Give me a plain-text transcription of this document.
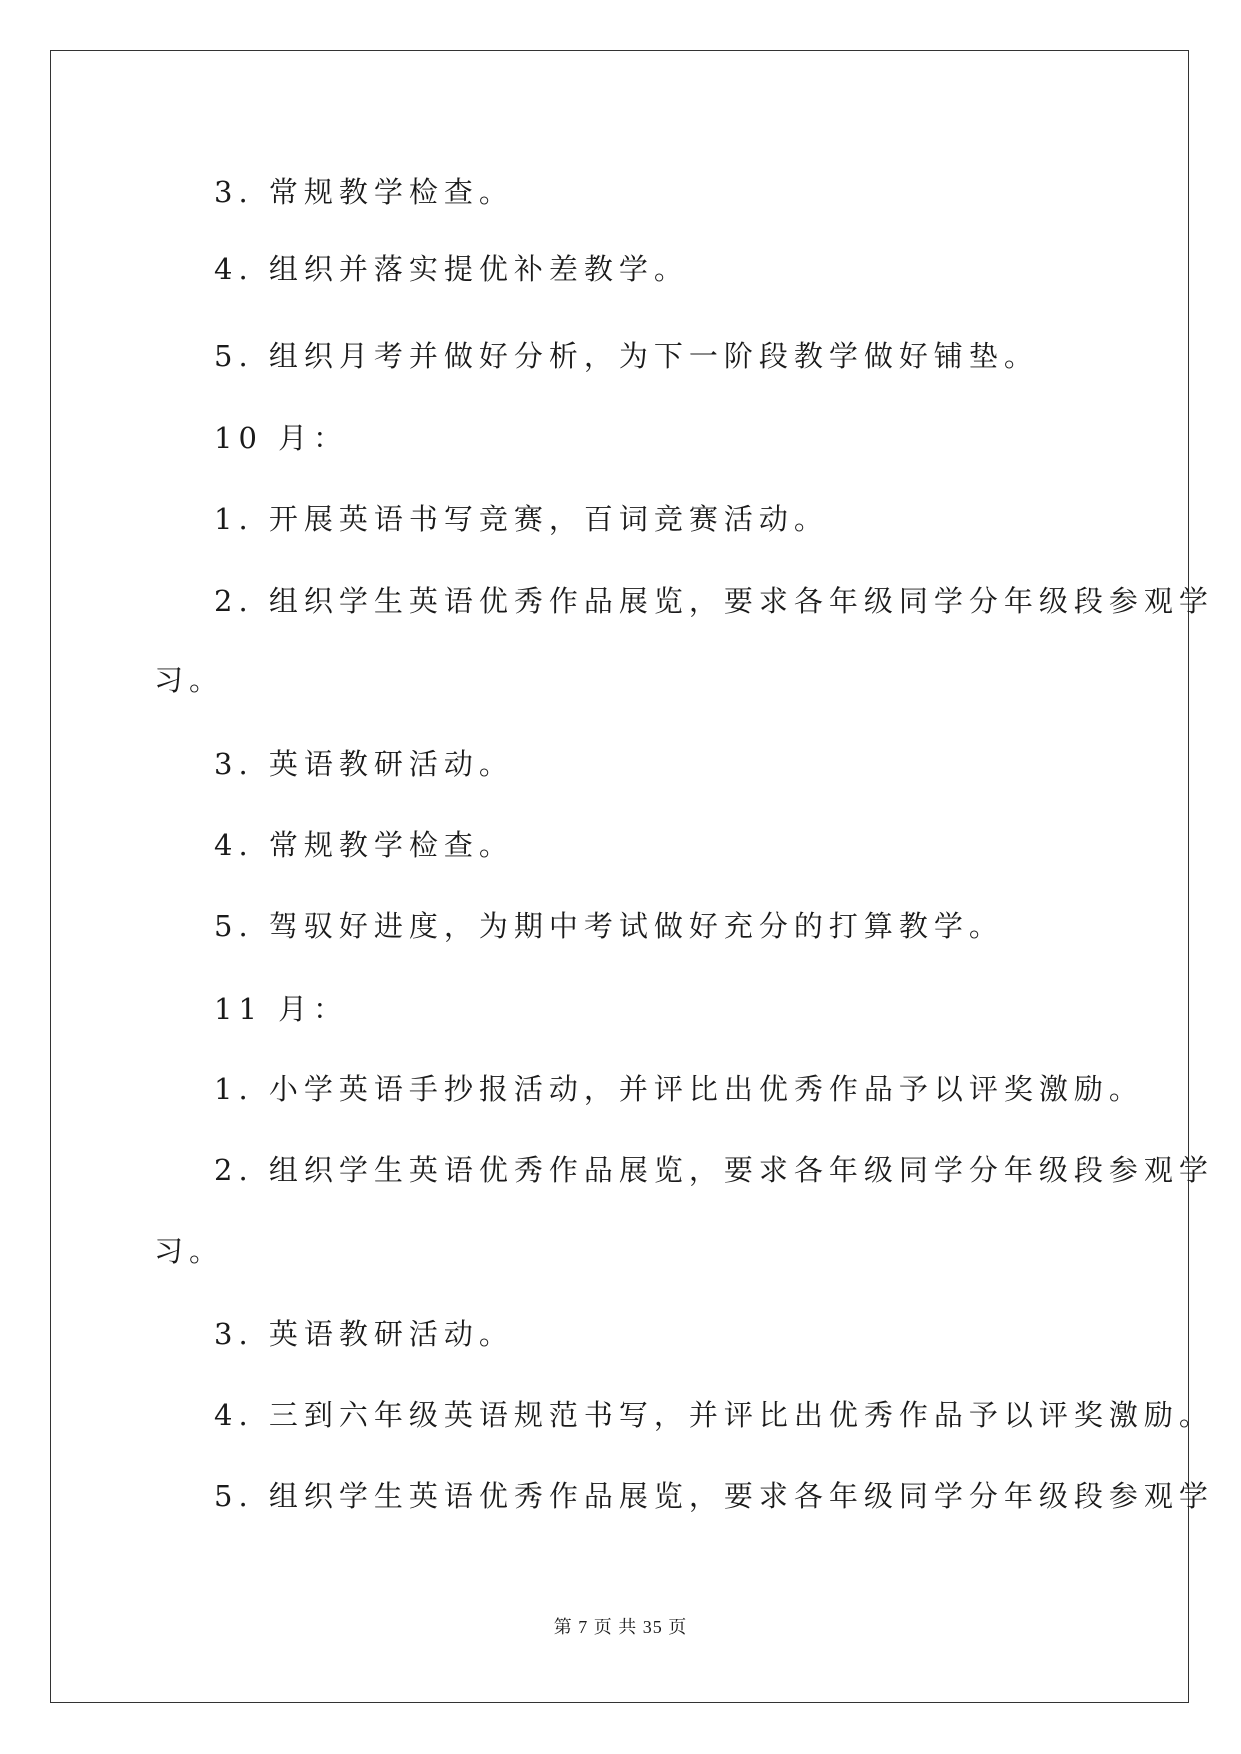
3. 常规教学检查。
4. 组织并落实提优补差教学。
5. 组织月考并做好分析，为下一阶段教学做好铺垫。
10 月：
1. 开展英语书写竞赛，百词竞赛活动。
2. 组织学生英语优秀作品展览，要求各年级同学分年级段参观学
习。
3. 英语教研活动。
4. 常规教学检查。
5. 驾驭好进度，为期中考试做好充分的打算教学。
11 月：
1. 小学英语手抄报活动，并评比出优秀作品予以评奖激励。
2. 组织学生英语优秀作品展览，要求各年级同学分年级段参观学
习。
3. 英语教研活动。
4. 三到六年级英语规范书写，并评比出优秀作品予以评奖激励。
5. 组织学生英语优秀作品展览，要求各年级同学分年级段参观学
第 7 页 共 35 页
